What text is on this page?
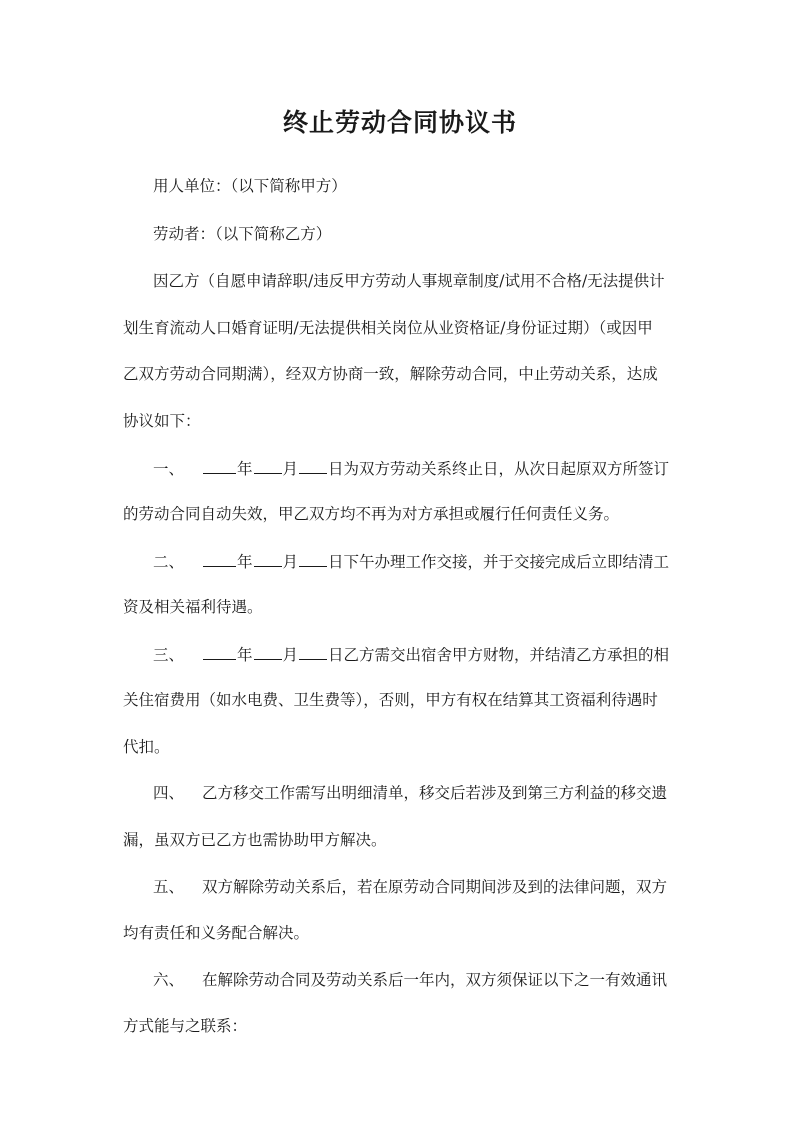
终止劳动合同协议书
用人单位：（以下简称甲方）
劳动者：（以下简称乙方）
因乙方（自愿申请辞职/违反甲方劳动人事规章制度/试用不合格/无法提供计
划生育流动人口婚育证明/无法提供相关岗位从业资格证/身份证过期）（或因甲
乙双方劳动合同期满），经双方协商一致，解除劳动合同，中止劳动关系，达成
协议如下：
一、	年 月 日为双方劳动关系终止日，从次日起原双方所签订
的劳动合同自动失效，甲乙双方均不再为对方承担或履行任何责任义务。
二、	年 月 日下午办理工作交接，并于交接完成后立即结清工
资及相关福利待遇。
三、	年 月 日乙方需交出宿舍甲方财物，并结清乙方承担的相
关住宿费用（如水电费、卫生费等），否则，甲方有权在结算其工资福利待遇时
代扣。
四、 乙方移交工作需写出明细清单，移交后若涉及到第三方利益的移交遗
漏，虽双方已乙方也需协助甲方解决。
五、 双方解除劳动关系后，若在原劳动合同期间涉及到的法律问题，双方
均有责任和义务配合解决。
六、 在解除劳动合同及劳动关系后一年内，双方须保证以下之一有效通讯
方式能与之联系：
